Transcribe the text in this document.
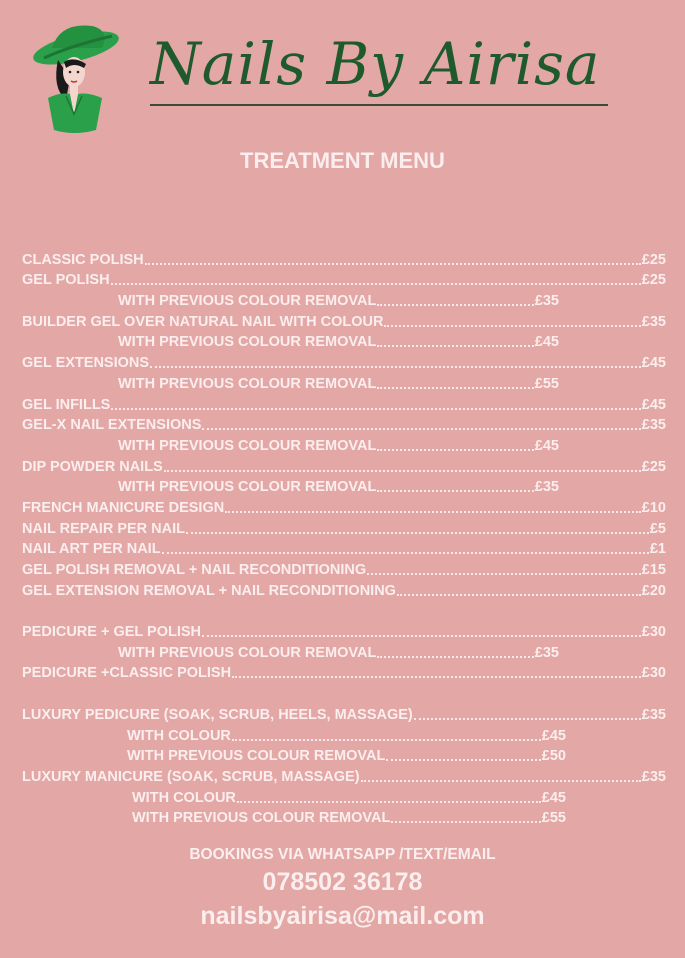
Nails By Airisa
TREATMENT MENU
CLASSIC POLISH	£25
GEL POLISH	£25
WITH PREVIOUS COLOUR REMOVAL	£35
BUILDER GEL OVER NATURAL NAIL WITH COLOUR	£35
WITH PREVIOUS COLOUR REMOVAL	£45
GEL EXTENSIONS	£45
WITH PREVIOUS COLOUR REMOVAL	£55
GEL INFILLS	£45
GEL-X NAIL EXTENSIONS	£35
WITH PREVIOUS COLOUR REMOVAL	£45
DIP POWDER NAILS	£25
WITH PREVIOUS COLOUR REMOVAL	£35
FRENCH MANICURE DESIGN	£10
NAIL REPAIR PER NAIL	£5
NAIL ART PER NAIL	£1
GEL POLISH REMOVAL + NAIL RECONDITIONING	£15
GEL EXTENSION REMOVAL + NAIL RECONDITIONING	£20
PEDICURE + GEL POLISH	£30
WITH PREVIOUS COLOUR REMOVAL	£35
PEDICURE +CLASSIC POLISH	£30
LUXURY PEDICURE (SOAK, SCRUB, HEELS, MASSAGE)	£35
WITH COLOUR	£45
WITH PREVIOUS COLOUR REMOVAL	£50
LUXURY MANICURE (SOAK, SCRUB, MASSAGE)	£35
WITH COLOUR	£45
WITH PREVIOUS COLOUR REMOVAL	£55
BOOKINGS VIA WHATSAPP /TEXT/EMAIL
078502 36178
nailsbyairisa@mail.com
